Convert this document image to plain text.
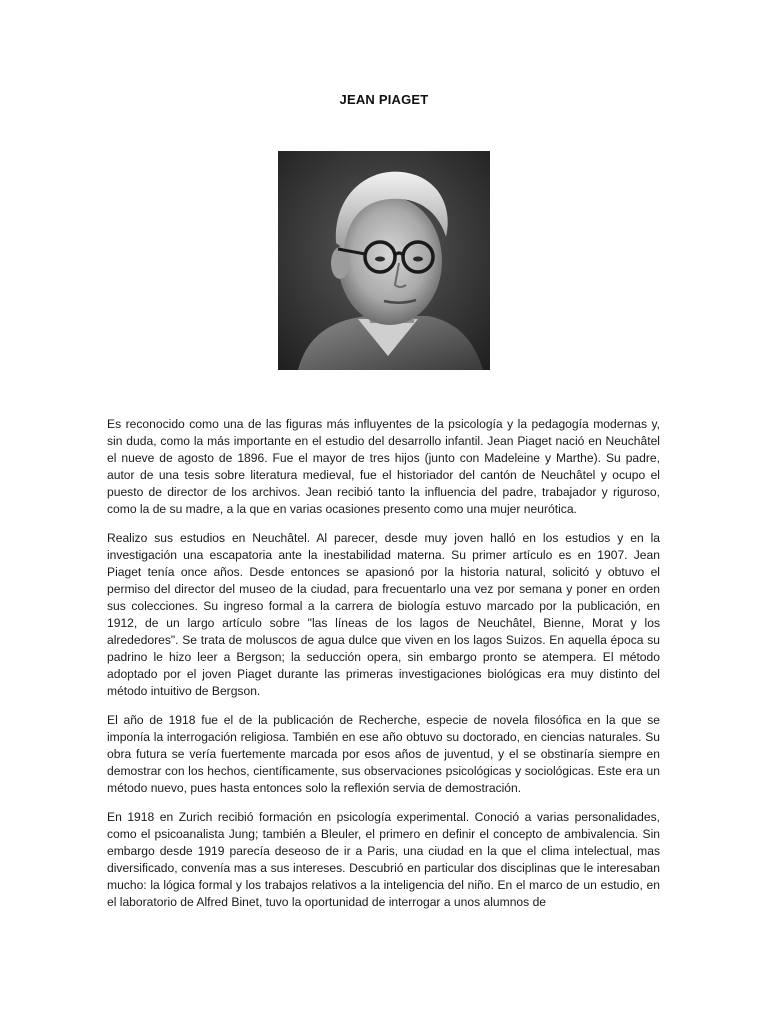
JEAN PIAGET

Es reconocido como una de las figuras más influyentes de la psicología y la pedagogía modernas y, sin duda, como la más importante en el estudio del desarrollo infantil. Jean Piaget nació en Neuchâtel el nueve de agosto de 1896. Fue el mayor de tres hijos (junto con Madeleine y Marthe). Su padre, autor de una tesis sobre literatura medieval, fue el historiador del cantón de Neuchâtel y ocupo el puesto de director de los archivos. Jean recibió tanto la influencia del padre, trabajador y riguroso, como la de su madre, a la que en varias ocasiones presento como una mujer neurótica.

Realizo sus estudios en Neuchâtel. Al parecer, desde muy joven halló en los estudios y en la investigación una escapatoria ante la inestabilidad materna. Su primer artículo es en 1907. Jean Piaget tenía once años. Desde entonces se apasionó por la historia natural, solicitó y obtuvo el permiso del director del museo de la ciudad, para frecuentarlo una vez por semana y poner en orden sus colecciones. Su ingreso formal a la carrera de biología estuvo marcado por la publicación, en 1912, de un largo artículo sobre "las líneas de los lagos de Neuchâtel, Bienne, Morat y los alrededores". Se trata de moluscos de agua dulce que viven en los lagos Suizos. En aquella época su padrino le hizo leer a Bergson; la seducción opera, sin embargo pronto se atempera. El método adoptado por el joven Piaget durante las primeras investigaciones biológicas era muy distinto del método intuitivo de Bergson.

El año de 1918 fue el de la publicación de Recherche, especie de novela filosófica en la que se imponía la interrogación religiosa. También en ese año obtuvo su doctorado, en ciencias naturales. Su obra futura se vería fuertemente marcada por esos años de juventud, y el se obstinaría siempre en demostrar con los hechos, científicamente, sus observaciones psicológicas y sociológicas. Este era un método nuevo, pues hasta entonces solo la reflexión servia de demostración.

En 1918 en Zurich recibió formación en psicología experimental. Conoció a varias personalidades, como el psicoanalista Jung; también a Bleuler, el primero en definir el concepto de ambivalencia. Sin embargo desde 1919 parecía deseoso de ir a Paris, una ciudad en la que el clima intelectual, mas diversificado, convenía mas a sus intereses. Descubrió en particular dos disciplinas que le interesaban mucho: la lógica formal y los trabajos relativos a la inteligencia del niño. En el marco de un estudio, en el laboratorio de Alfred Binet, tuvo la oportunidad de interrogar a unos alumnos de
